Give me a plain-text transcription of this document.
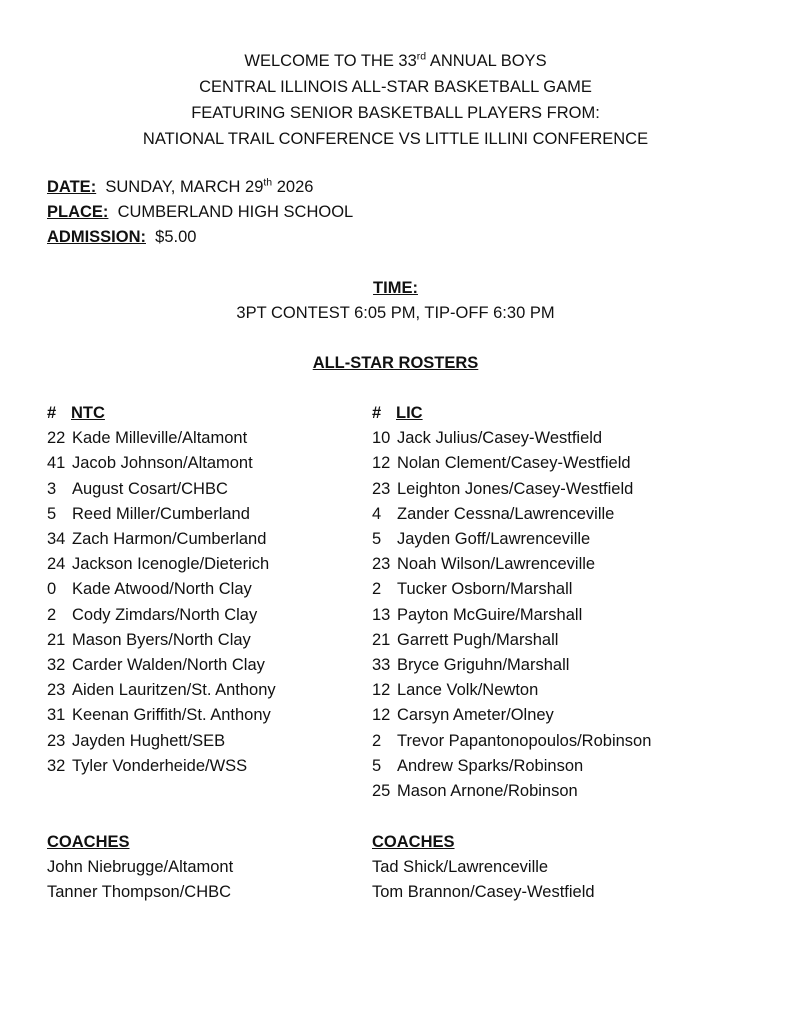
WELCOME TO THE 33rd ANNUAL BOYS
CENTRAL ILLINOIS ALL-STAR BASKETBALL GAME
FEATURING SENIOR BASKETBALL PLAYERS FROM:
NATIONAL TRAIL CONFERENCE VS LITTLE ILLINI CONFERENCE
DATE: SUNDAY, MARCH 29th 2026
PLACE: CUMBERLAND HIGH SCHOOL
ADMISSION: $5.00
TIME:
3PT CONTEST 6:05 PM, TIP-OFF 6:30 PM
ALL-STAR ROSTERS
# NTC
22 Kade Milleville/Altamont
41 Jacob Johnson/Altamont
3 August Cosart/CHBC
5 Reed Miller/Cumberland
34 Zach Harmon/Cumberland
24 Jackson Icenogle/Dieterich
0 Kade Atwood/North Clay
2 Cody Zimdars/North Clay
21 Mason Byers/North Clay
32 Carder Walden/North Clay
23 Aiden Lauritzen/St. Anthony
31 Keenan Griffith/St. Anthony
23 Jayden Hughett/SEB
32 Tyler Vonderheide/WSS
# LIC
10 Jack Julius/Casey-Westfield
12 Nolan Clement/Casey-Westfield
23 Leighton Jones/Casey-Westfield
4 Zander Cessna/Lawrenceville
5 Jayden Goff/Lawrenceville
23 Noah Wilson/Lawrenceville
2 Tucker Osborn/Marshall
13 Payton McGuire/Marshall
21 Garrett Pugh/Marshall
33 Bryce Griguhn/Marshall
12 Lance Volk/Newton
12 Carsyn Ameter/Olney
2 Trevor Papantonopoulos/Robinson
5 Andrew Sparks/Robinson
25 Mason Arnone/Robinson
COACHES
John Niebrugge/Altamont
Tanner Thompson/CHBC
COACHES
Tad Shick/Lawrenceville
Tom Brannon/Casey-Westfield
